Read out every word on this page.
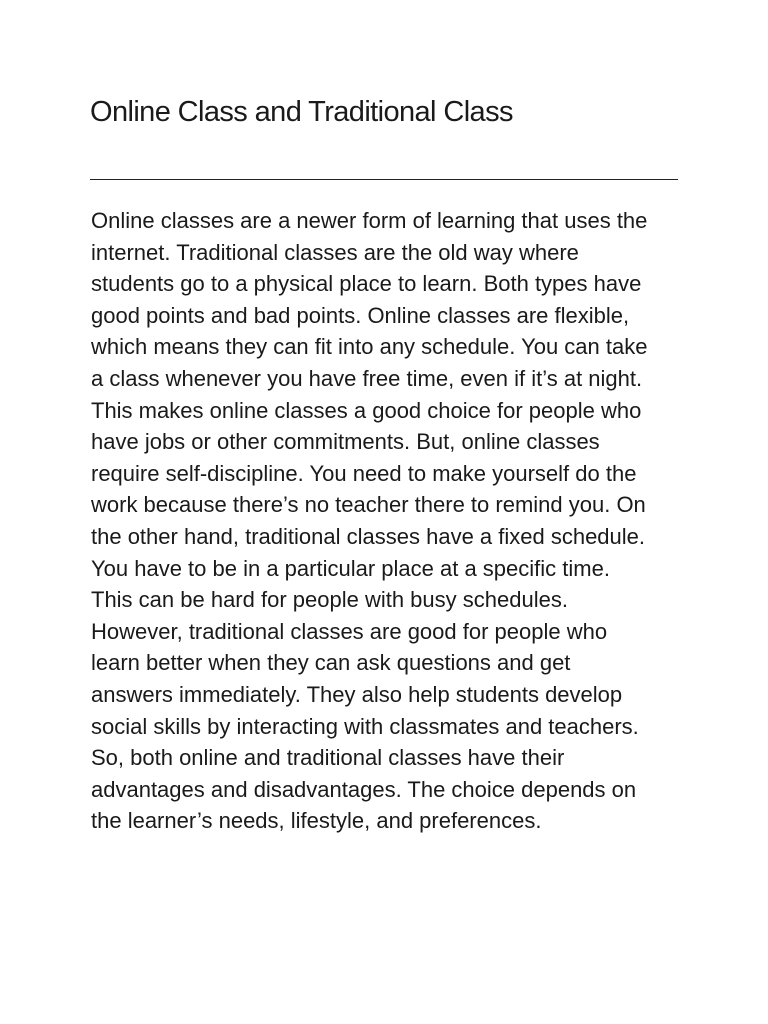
Online Class and Traditional Class

Online classes are a newer form of learning that uses the
internet. Traditional classes are the old way where
students go to a physical place to learn. Both types have
good points and bad points. Online classes are flexible,
which means they can fit into any schedule. You can take
a class whenever you have free time, even if it’s at night.
This makes online classes a good choice for people who
have jobs or other commitments. But, online classes
require self-discipline. You need to make yourself do the
work because there’s no teacher there to remind you. On
the other hand, traditional classes have a fixed schedule.
You have to be in a particular place at a specific time.
This can be hard for people with busy schedules.
However, traditional classes are good for people who
learn better when they can ask questions and get
answers immediately. They also help students develop
social skills by interacting with classmates and teachers.
So, both online and traditional classes have their
advantages and disadvantages. The choice depends on
the learner’s needs, lifestyle, and preferences.
